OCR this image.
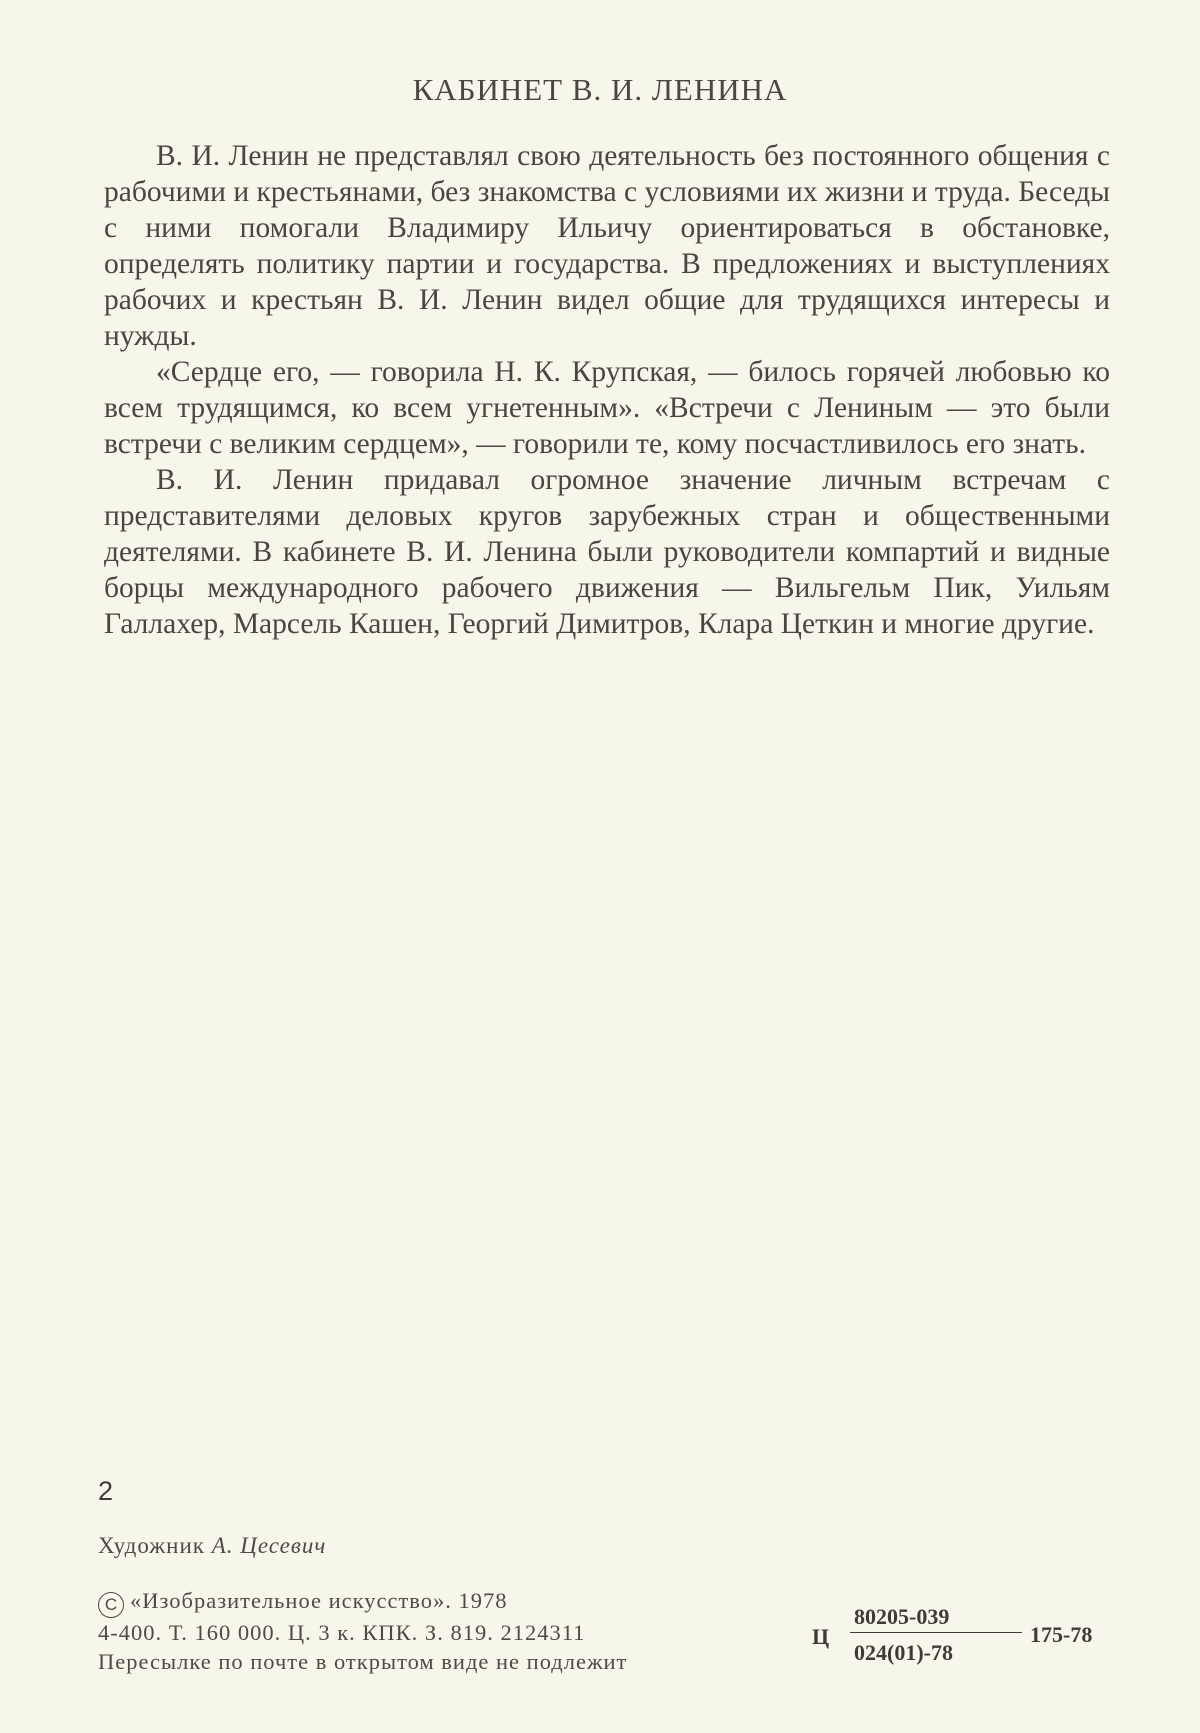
КАБИНЕТ В. И. ЛЕНИНА

В. И. Ленин не представлял свою деятельность без постоянного общения с рабочими и крестьянами, без знакомства с условиями их жизни и труда. Беседы с ними помогали Владимиру Ильичу ориентироваться в обстановке, определять политику партии и государства. В предложениях и выступлениях рабочих и крестьян В. И. Ленин видел общие для трудящихся интересы и нужды.

«Сердце его, — говорила Н. К. Крупская, — билось горячей любовью ко всем трудящимся, ко всем угнетенным». «Встречи с Лениным — это были встречи с великим сердцем», — говорили те, кому посчастливилось его знать.

В. И. Ленин придавал огромное значение личным встречам с представителями деловых кругов зарубежных стран и общественными деятелями. В кабинете В. И. Ленина были руководители компартий и видные борцы международного рабочего движения — Вильгельм Пик, Уильям Галлахер, Марсель Кашен, Георгий Димитров, Клара Цеткин и многие другие.

2
Художник А. Цесевич
C «Изобразительное искусство». 1978
4-400. Т. 160 000. Ц. 3 к. КПК. З. 819. 2124311
Пересылке по почте в открытом виде не подлежит
Ц
80205-039
024(01)-78
175-78
